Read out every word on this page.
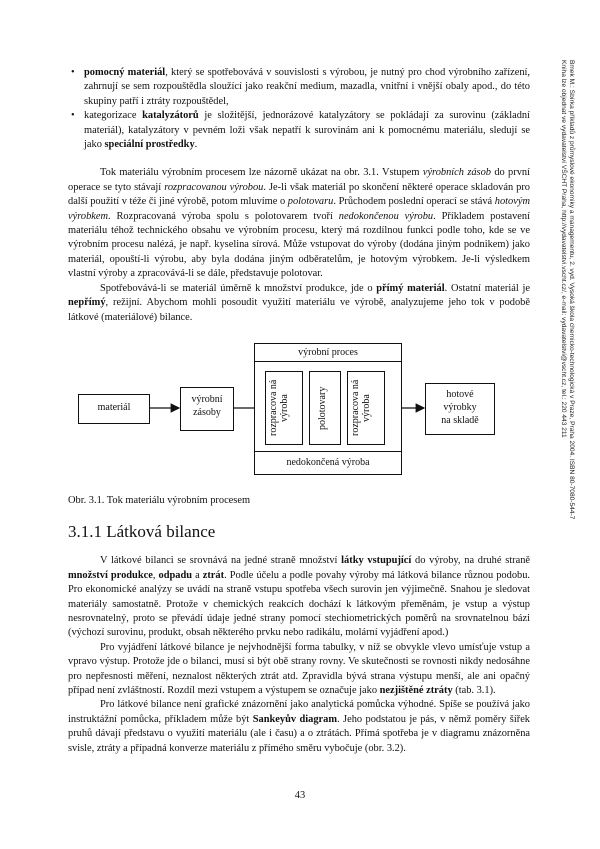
Bmek M.: Sbírka příkladů z průmyslové ekonomiky a managementu, 2. vyd. Vysoká škola chemicko-technologická v Praze, Praha 2004. ISBN 80-7080-544-7
Kniha lze objednat ve vydavatelství VŠCHT Praha, http://vydavatelstvi.vscht.cz/, e-mail: vydavatelstvi@vscht.cz, tel.: 220 443 211
• pomocný materiál, který se spotřebovává v souvislosti s výrobou, je nutný pro chod výrobního zařízení, zahrnují se sem rozpouštědla sloužící jako reakční medium, mazadla, vnitřní i vnější obaly apod., do této skupiny patří i ztráty rozpouštědel,
• kategorizace katalyzátorů je složitější, jednorázové katalyzátory se pokládají za surovinu (základní materiál), katalyzátory v pevném loži však nepatří k surovinám ani k pomocnému materiálu, sledují se jako speciální prostředky.
Tok materiálu výrobním procesem lze názorně ukázat na obr. 3.1. Vstupem výrobních zásob do první operace se tyto stávají rozpracovanou výrobou. Je-li však materiál po skončení některé operace skladován pro další použití v téže či jiné výrobě, potom mluvíme o polotovaru. Průchodem poslední operací se stává hotovým výrobkem. Rozpracovaná výroba spolu s polotovarem tvoří nedokončenou výrobu. Příkladem postavení materiálu téhož technického obsahu ve výrobním procesu, který má rozdílnou funkci podle toho, kde se ve výrobním procesu nalézá, je např. kyselina sírová. Může vstupovat do výroby (dodána jiným podnikem) jako materiál, opouští-li výrobu, aby byla dodána jiným odběratelům, je hotovým výrobkem. Je-li výsledkem vlastní výroby a zpracovává-li se dále, představuje polotovar.
Spotřebovává-li se materiál úměrně k množství produkce, jde o přímý materiál. Ostatní materiál je nepřímý, režijní. Abychom mohli posoudit využití materiálu ve výrobě, analyzujeme jeho tok v podobě látkové (materiálové) bilance.
materiál
výrobní
zásoby
výrobní proces
nedokončená výroba
rozpracova ná výroba	polotovary	rozpracova ná výroba	hotové
výrobky
na skladě
Obr. 3.1. Tok materiálu výrobním procesem
3.1.1 Látková bilance
V látkové bilanci se srovnává na jedné straně množství látky vstupující do výroby, na druhé straně množství produkce, odpadu a ztrát. Podle účelu a podle povahy výroby má látková bilance různou podobu. Pro ekonomické analýzy se uvádí na straně vstupu spotřeba všech surovin jen výjimečně. Snahou je sledovat materiály samostatně. Protože v chemických reakcích dochází k látkovým přeměnám, je vstup a výstup nesrovnatelný, proto se převádí údaje jedné strany pomocí stechiometrických poměrů na srovnatelnou bázi (výchozí surovinu, produkt, obsah některého prvku nebo radikálu, molární vyjádření apod.)
Pro vyjádření látkové bilance je nejvhodnější forma tabulky, v níž se obvykle vlevo umísťuje vstup a vpravo výstup. Protože jde o bilanci, musí si být obě strany rovny. Ve skutečnosti se rovnosti nikdy nedosáhne pro nepřesnosti měření, neznalost některých ztrát atd. Zpravidla bývá strana výstupu menší, ale ani opačný případ není zvláštností. Rozdíl mezi vstupem a výstupem se označuje jako nezjištěné ztráty (tab. 3.1).
Pro látkové bilance není grafické znázornění jako analytická pomůcka výhodné. Spíše se používá jako instruktážní pomůcka, příkladem může být Sankeyův diagram. Jeho podstatou je pás, v němž poměry šířek pruhů dávají představu o využití materiálu (ale i času) a o ztrátách. Přímá spotřeba je v diagramu znázorněna svisle, ztráty a případná konverze materiálu z přímého směru vybočuje (obr. 3.2).
43
